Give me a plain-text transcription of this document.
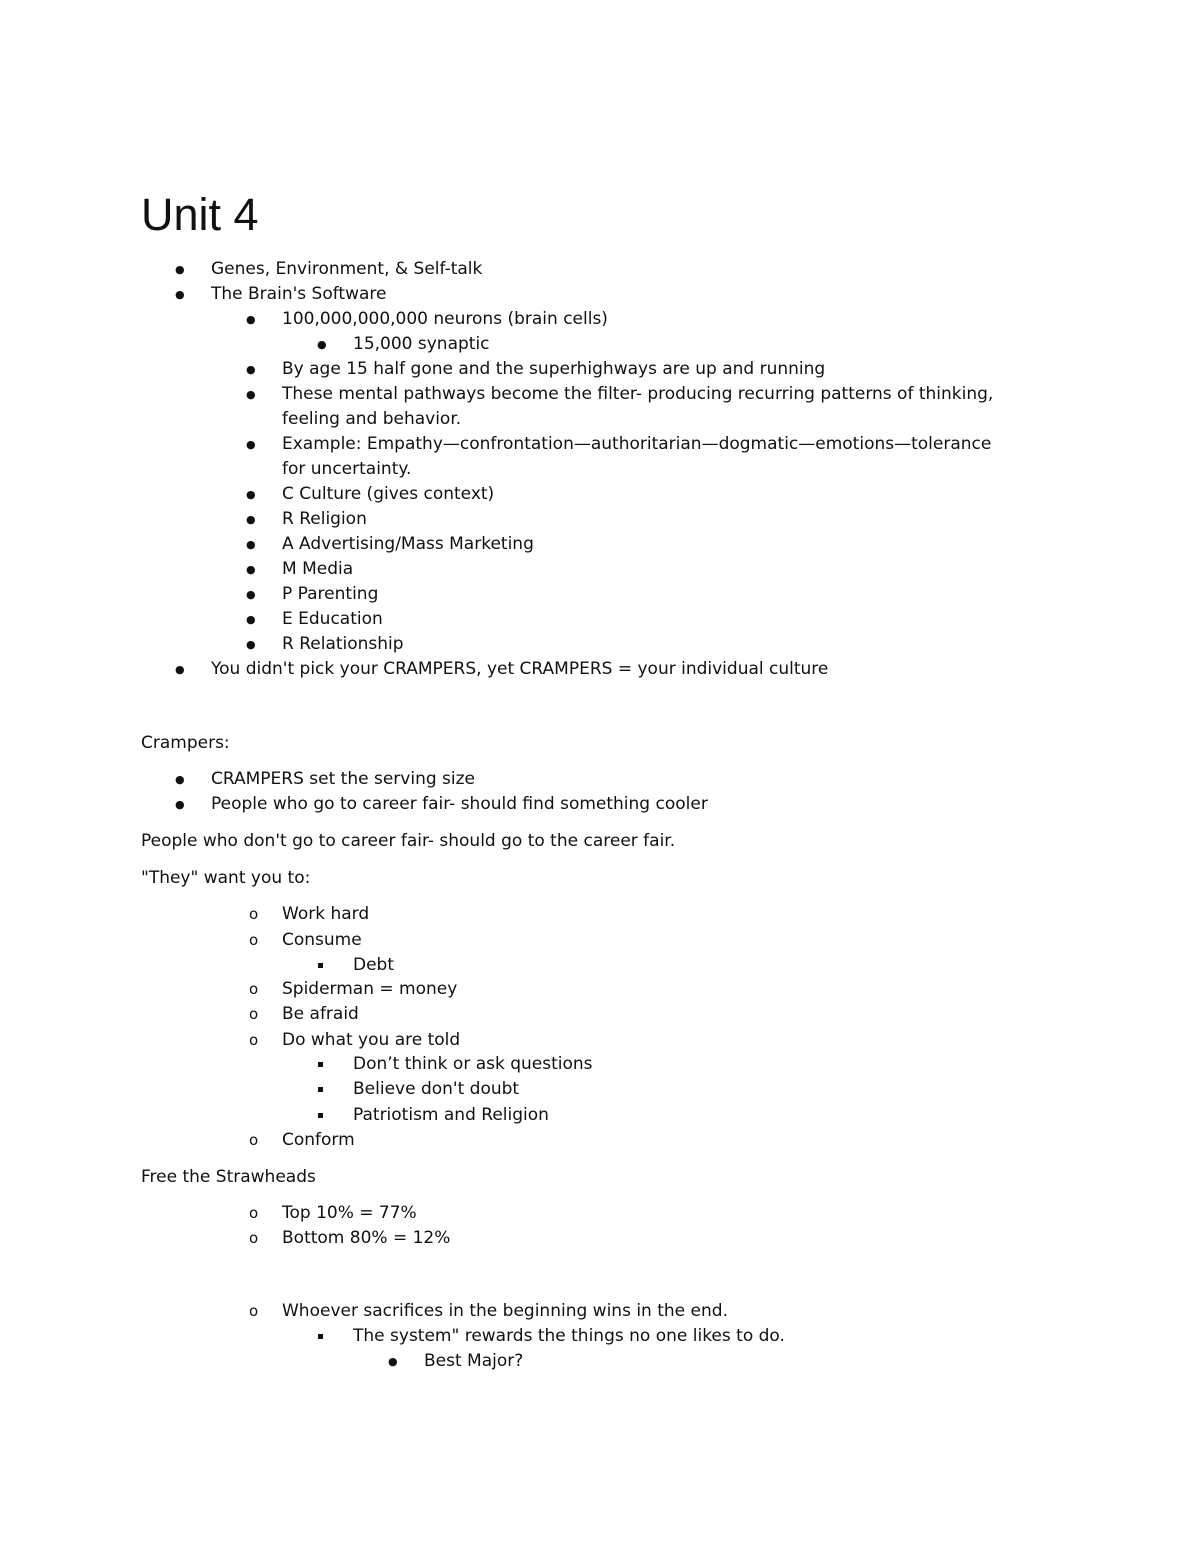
Unit 4
● Genes, Environment, & Self-talk
● The Brain's Software
● 100,000,000,000 neurons (brain cells)
● 15,000 synaptic
● By age 15 half gone and the superhighways are up and running
● These mental pathways become the filter- producing recurring patterns of thinking, feeling and behavior.
● Example: Empathy—confrontation—authoritarian—dogmatic—emotions—tolerance for uncertainty.
● C Culture (gives context)
● R Religion
● A Advertising/Mass Marketing
● M Media
● P Parenting
● E Education
● R Relationship
● You didn't pick your CRAMPERS, yet CRAMPERS = your individual culture
Crampers:
● CRAMPERS set the serving size
● People who go to career fair- should find something cooler
People who don't go to career fair- should go to the career fair.
"They" want you to:
o Work hard
o Consume
Debt
o Spiderman = money
o Be afraid
o Do what you are told
Don’t think or ask questions
Believe don't doubt
Patriotism and Religion
o Conform
Free the Strawheads
o Top 10% = 77%
o Bottom 80% = 12%
o Whoever sacrifices in the beginning wins in the end.
The system" rewards the things no one likes to do.
● Best Major?
